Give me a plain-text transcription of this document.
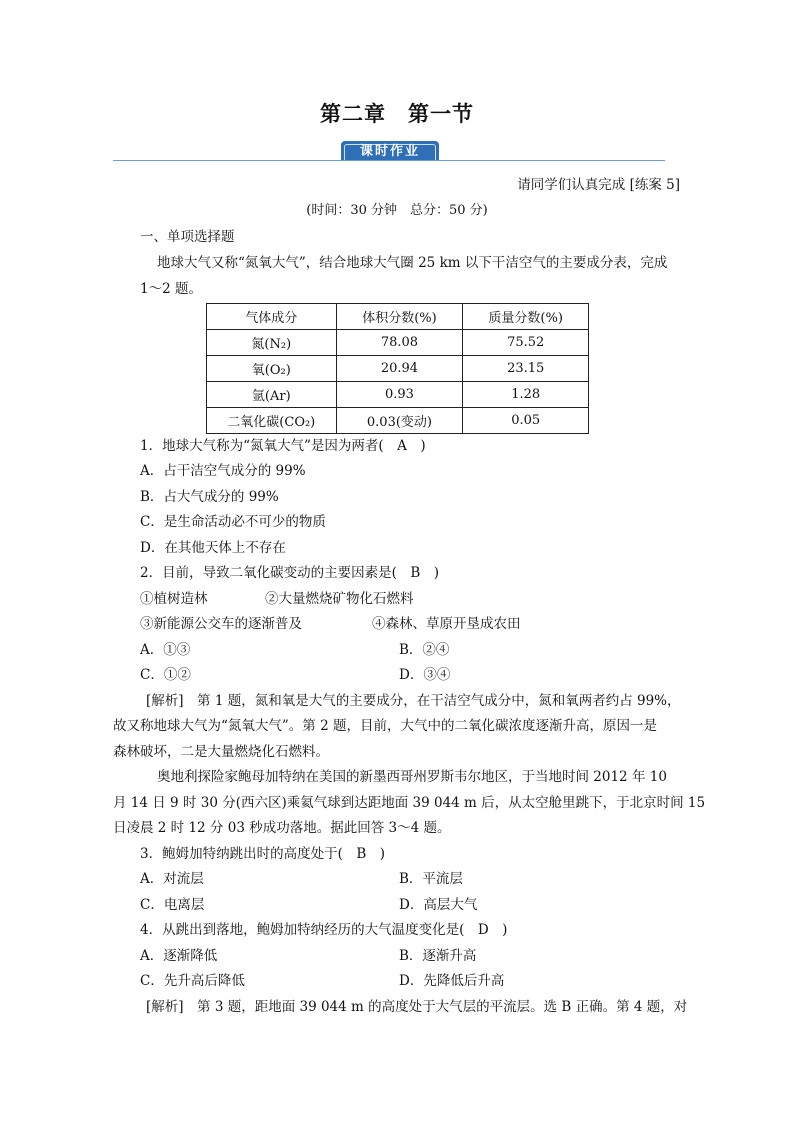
第二章　第一节
课时作业
请同学们认真完成 [练案 5]
(时间：30 分钟　总分：50 分)
一、单项选择题
地球大气又称“氮氧大气”，结合地球大气圈 25 km 以下干洁空气的主要成分表，完成
1～2 题。
气体成分	体积分数(%)	质量分数(%)
氮(N₂)	78.08	75.52
氧(O₂)	20.94	23.15
氩(Ar)	0.93	1.28
二氧化碳(CO₂)	0.03(变动)	0.05
1．地球大气称为“氮氧大气”是因为两者(　A　)
A．占干洁空气成分的 99%
B．占大气成分的 99%
C．是生命活动必不可少的物质
D．在其他天体上不存在
2．目前，导致二氧化碳变动的主要因素是(　B　)
①植树造林	②大量燃烧矿物化石燃料
③新能源公交车的逐渐普及	④森林、草原开垦成农田
A．①③	B．②④
C．①②	D．③④
[解析]　第 1 题，氮和氧是大气的主要成分，在干洁空气成分中，氮和氧两者约占 99%，
故又称地球大气为“氮氧大气”。第 2 题，目前，大气中的二氧化碳浓度逐渐升高，原因一是
森林破坏，二是大量燃烧化石燃料。
奥地利探险家鲍母加特纳在美国的新墨西哥州罗斯韦尔地区，于当地时间 2012 年 10
月 14 日 9 时 30 分(西六区)乘氦气球到达距地面 39 044 m 后，从太空舱里跳下，于北京时间 15
日凌晨 2 时 12 分 03 秒成功落地。据此回答 3～4 题。
3．鲍姆加特纳跳出时的高度处于(　B　)
A．对流层	B．平流层
C．电离层	D．高层大气
4．从跳出到落地，鲍姆加特纳经历的大气温度变化是(　D　)
A．逐渐降低	B．逐渐升高
C．先升高后降低	D．先降低后升高
[解析]　第 3 题，距地面 39 044 m 的高度处于大气层的平流层。选 B 正确。第 4 题，对
